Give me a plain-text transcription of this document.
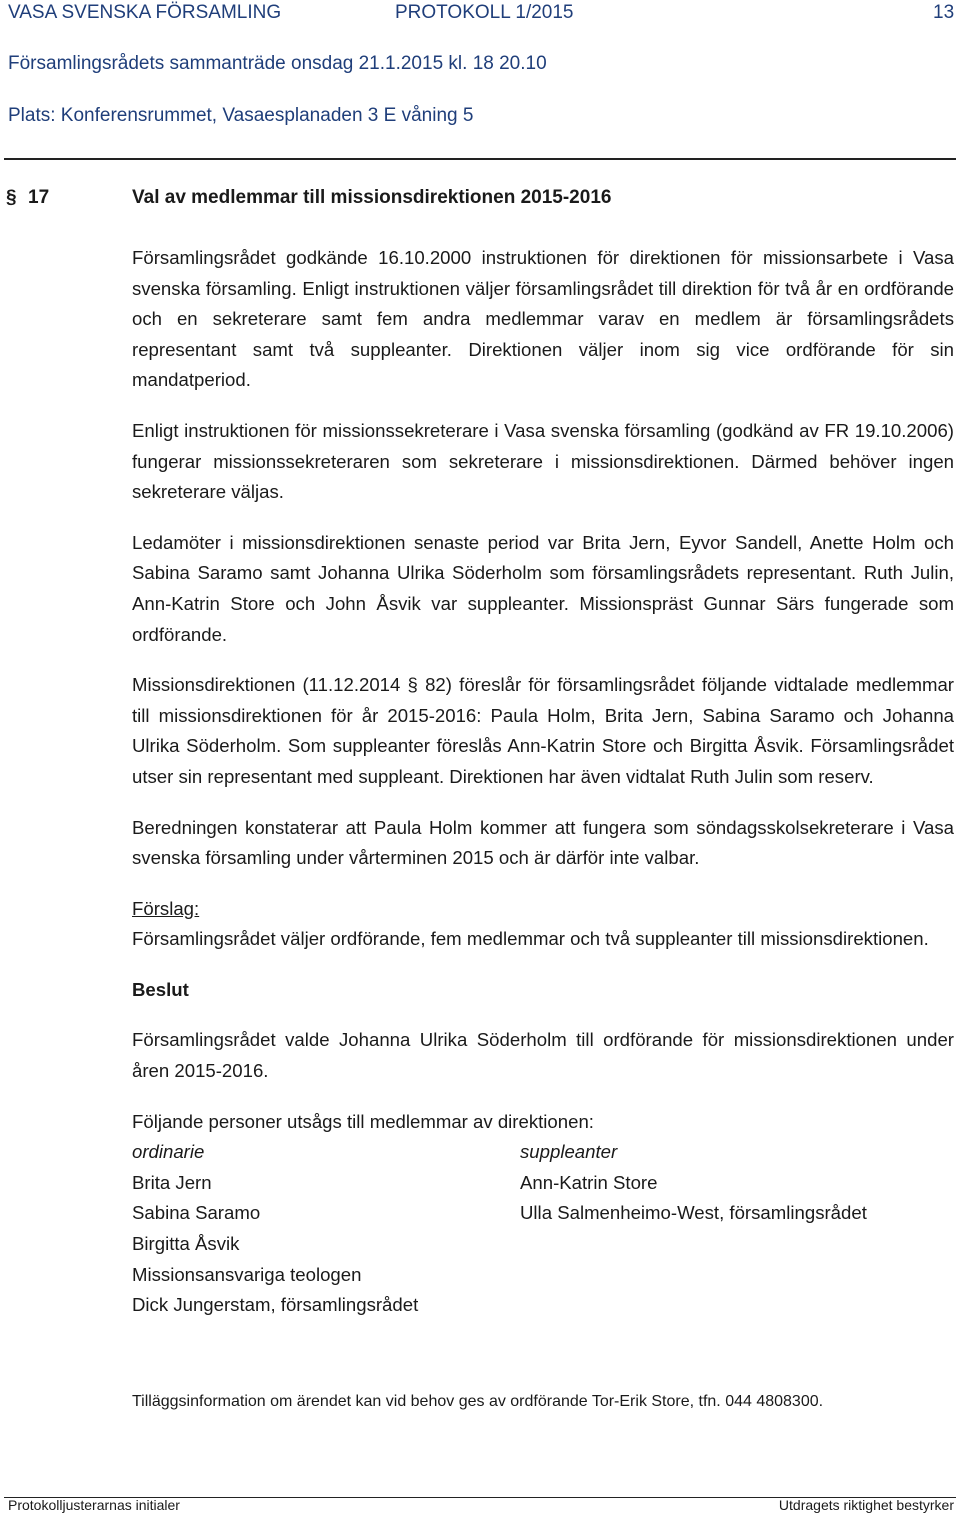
VASA SVENSKA FÖRSAMLING	PROTOKOLL 1/2015	13
Församlingsrådets sammanträde onsdag 21.1.2015 kl. 18 20.10
Plats: Konferensrummet, Vasaesplanaden 3 E våning 5
§ 17	Val av medlemmar till missionsdirektionen 2015-2016

Församlingsrådet godkände 16.10.2000 instruktionen för direktionen för missionsarbete i Vasa svenska församling. Enligt instruktionen väljer församlingsrådet till direktion för två år en ordförande och en sekreterare samt fem andra medlemmar varav en medlem är församlingsrådets representant samt två suppleanter. Direktionen väljer inom sig vice ordförande för sin mandatperiod.

Enligt instruktionen för missionssekreterare i Vasa svenska församling (godkänd av FR 19.10.2006) fungerar missionssekreteraren som sekreterare i missionsdirektionen. Därmed behöver ingen sekreterare väljas.

Ledamöter i missionsdirektionen senaste period var Brita Jern, Eyvor Sandell, Anette Holm och Sabina Saramo samt Johanna Ulrika Söderholm som församlingsrådets representant. Ruth Julin, Ann-Katrin Store och John Åsvik var suppleanter. Missionspräst Gunnar Särs fungerade som ordförande.

Missionsdirektionen (11.12.2014 § 82) föreslår för församlingsrådet följande vidtalade medlemmar till missionsdirektionen för år 2015-2016: Paula Holm, Brita Jern, Sabina Saramo och Johanna Ulrika Söderholm. Som suppleanter föreslås Ann-Katrin Store och Birgitta Åsvik. Församlingsrådet utser sin representant med suppleant. Direktionen har även vidtalat Ruth Julin som reserv.

Beredningen konstaterar att Paula Holm kommer att fungera som söndagsskolsekreterare i Vasa svenska församling under vårterminen 2015 och är därför inte valbar.

Förslag:
Församlingsrådet väljer ordförande, fem medlemmar och två suppleanter till missionsdirektionen.

Beslut

Församlingsrådet valde Johanna Ulrika Söderholm till ordförande för missionsdirektionen under åren 2015-2016.

Följande personer utsågs till medlemmar av direktionen:
ordinarie	suppleanter
Brita Jern	Ann-Katrin Store
Sabina Saramo	Ulla Salmenheimo-West, församlingsrådet
Birgitta Åsvik
Missionsansvariga teologen
Dick Jungerstam, församlingsrådet
Tilläggsinformation om ärendet kan vid behov ges av ordförande Tor-Erik Store, tfn. 044 4808300.
Protokolljusterarnas initialer	Utdragets riktighet bestyrker
